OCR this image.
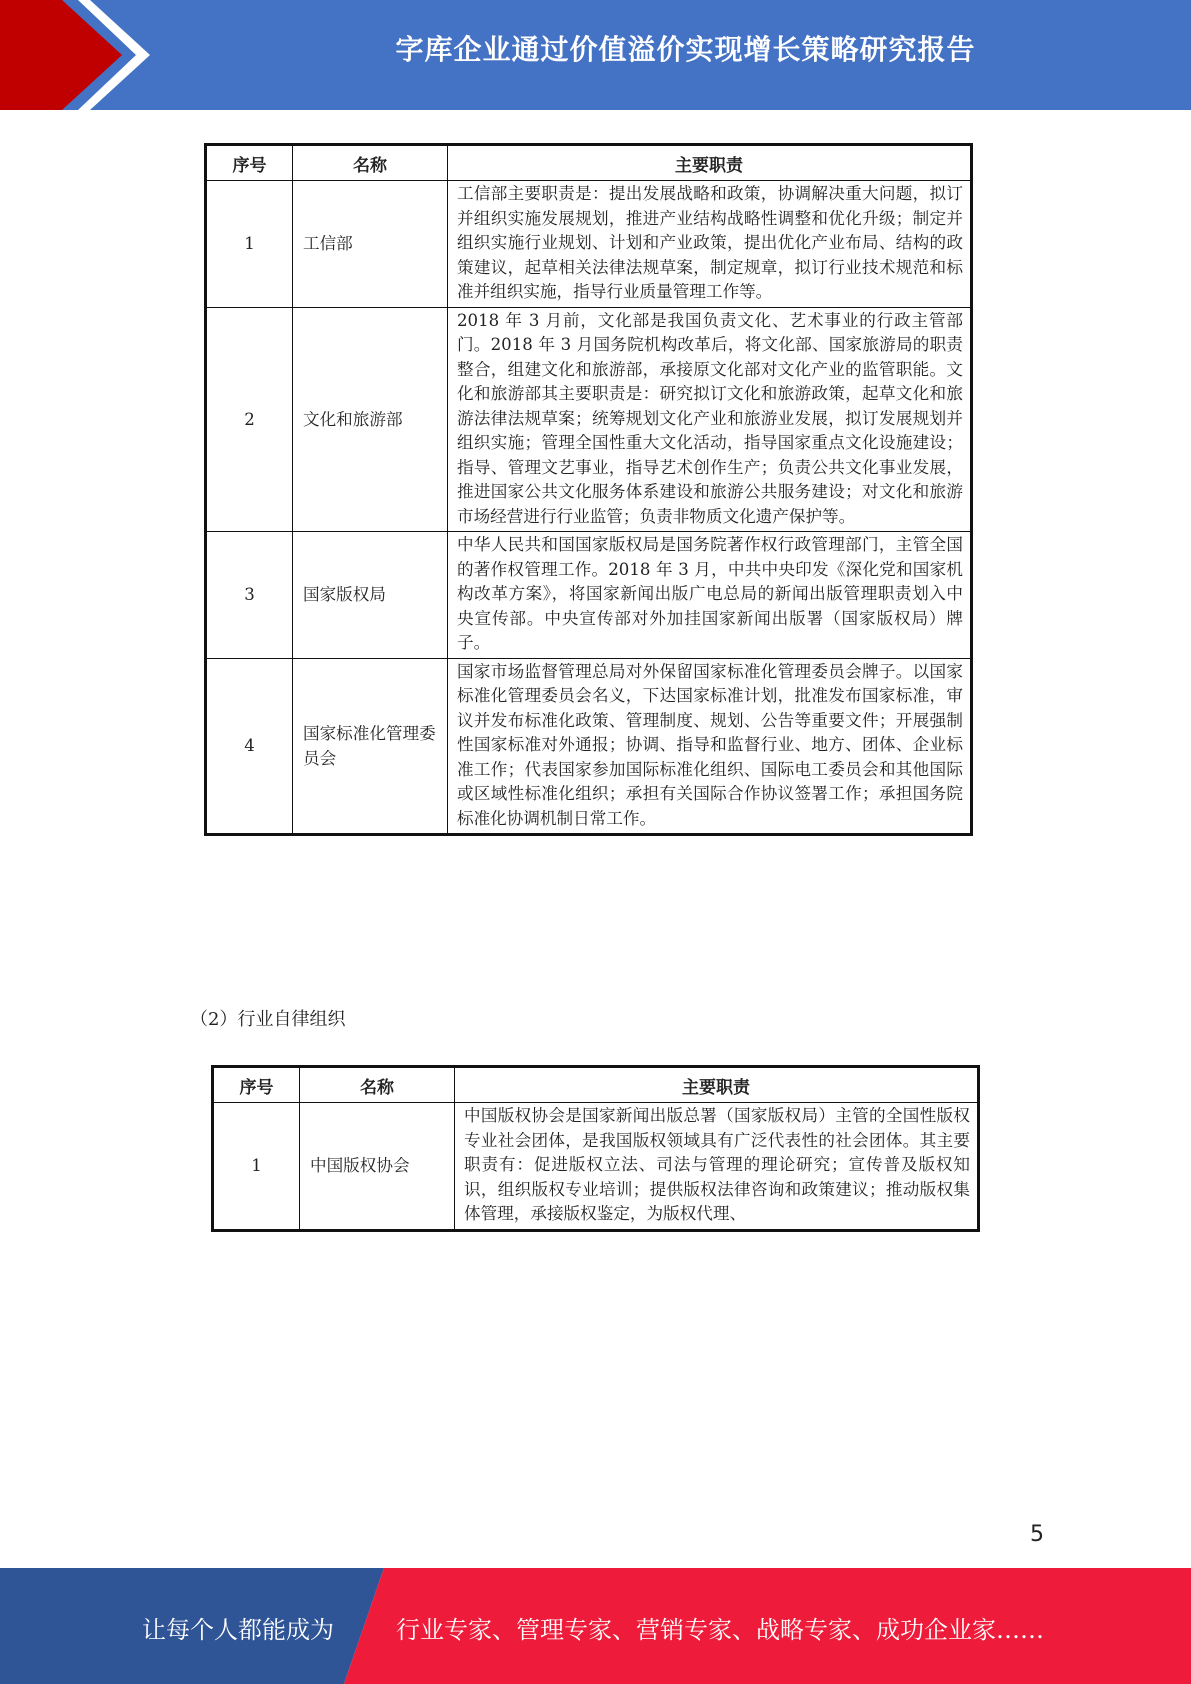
字库企业通过价值溢价实现增长策略研究报告
序号	名称	主要职责
1	工信部	工信部主要职责是：提出发展战略和政策，协调解决重大问题，拟订并组织实施发展规划，推进产业结构战略性调整和优化升级；制定并组织实施行业规划、计划和产业政策，提出优化产业布局、结构的政策建议，起草相关法律法规草案，制定规章，拟订行业技术规范和标准并组织实施，指导行业质量管理工作等。
2	文化和旅游部	2018 年 3 月前，文化部是我国负责文化、艺术事业的行政主管部门。2018 年 3 月国务院机构改革后，将文化部、国家旅游局的职责整合，组建文化和旅游部，承接原文化部对文化产业的监管职能。文化和旅游部其主要职责是：研究拟订文化和旅游政策，起草文化和旅游法律法规草案；统筹规划文化产业和旅游业发展，拟订发展规划并组织实施；管理全国性重大文化活动，指导国家重点文化设施建设；指导、管理文艺事业，指导艺术创作生产；负责公共文化事业发展，推进国家公共文化服务体系建设和旅游公共服务建设；对文化和旅游市场经营进行行业监管；负责非物质文化遗产保护等。
3	国家版权局	中华人民共和国国家版权局是国务院著作权行政管理部门，主管全国的著作权管理工作。2018 年 3 月，中共中央印发《深化党和国家机构改革方案》，将国家新闻出版广电总局的新闻出版管理职责划入中央宣传部。中央宣传部对外加挂国家新闻出版署（国家版权局）牌子。
4	国家标准化管理委员会	国家市场监督管理总局对外保留国家标准化管理委员会牌子。以国家标准化管理委员会名义，下达国家标准计划，批准发布国家标准，审议并发布标准化政策、管理制度、规划、公告等重要文件；开展强制性国家标准对外通报；协调、指导和监督行业、地方、团体、企业标准工作；代表国家参加国际标准化组织、国际电工委员会和其他国际或区域性标准化组织；承担有关国际合作协议签署工作；承担国务院标准化协调机制日常工作。
（2）行业自律组织
序号	名称	主要职责
1	中国版权协会	中国版权协会是国家新闻出版总署（国家版权局）主管的全国性版权专业社会团体，是我国版权领域具有广泛代表性的社会团体。其主要职责有：促进版权立法、司法与管理的理论研究；宣传普及版权知识，组织版权专业培训；提供版权法律咨询和政策建议；推动版权集体管理，承接版权鉴定，为版权代理、
5
让每个人都能成为	行业专家、管理专家、营销专家、战略专家、成功企业家……
